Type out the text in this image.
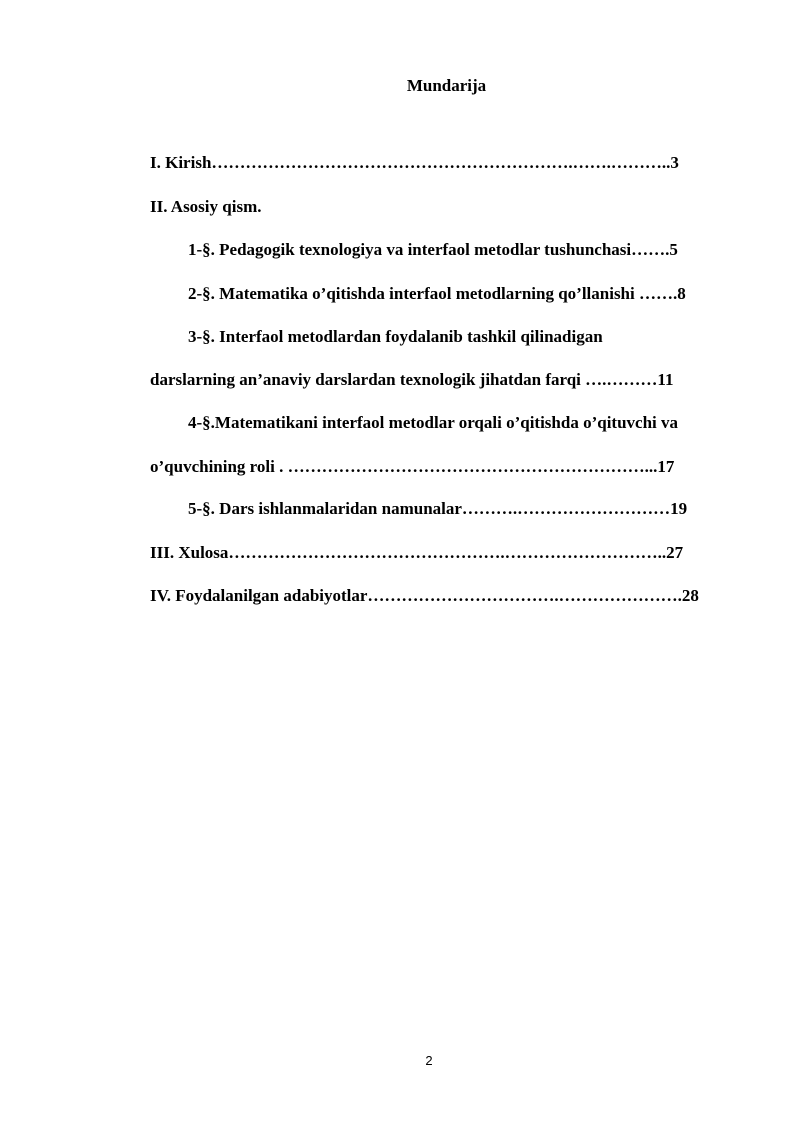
Mundarija
I. Kirish……………………………………………………….…….………..3
II. Asosiy qism.
1-§. Pedagogik texnologiya va interfaol metodlar tushunchasi…….5
2-§. Matematika o’qitishda interfaol metodlarning qo’llanishi …….8
3-§. Interfaol metodlardan foydalanib tashkil qilinadigan
darslarning an’anaviy darslardan texnologik jihatdan farqi ….………11
4-§.Matematikani interfaol metodlar orqali o’qitishda o’qituvchi va
o’quvchining roli . ………………………………………………………...17
5-§. Dars ishlanmalaridan namunalar……….………………………19
III. Xulosa………………………………………….………………………..27
IV. Foydalanilgan adabiyotlar…………………………….………………….28
2
